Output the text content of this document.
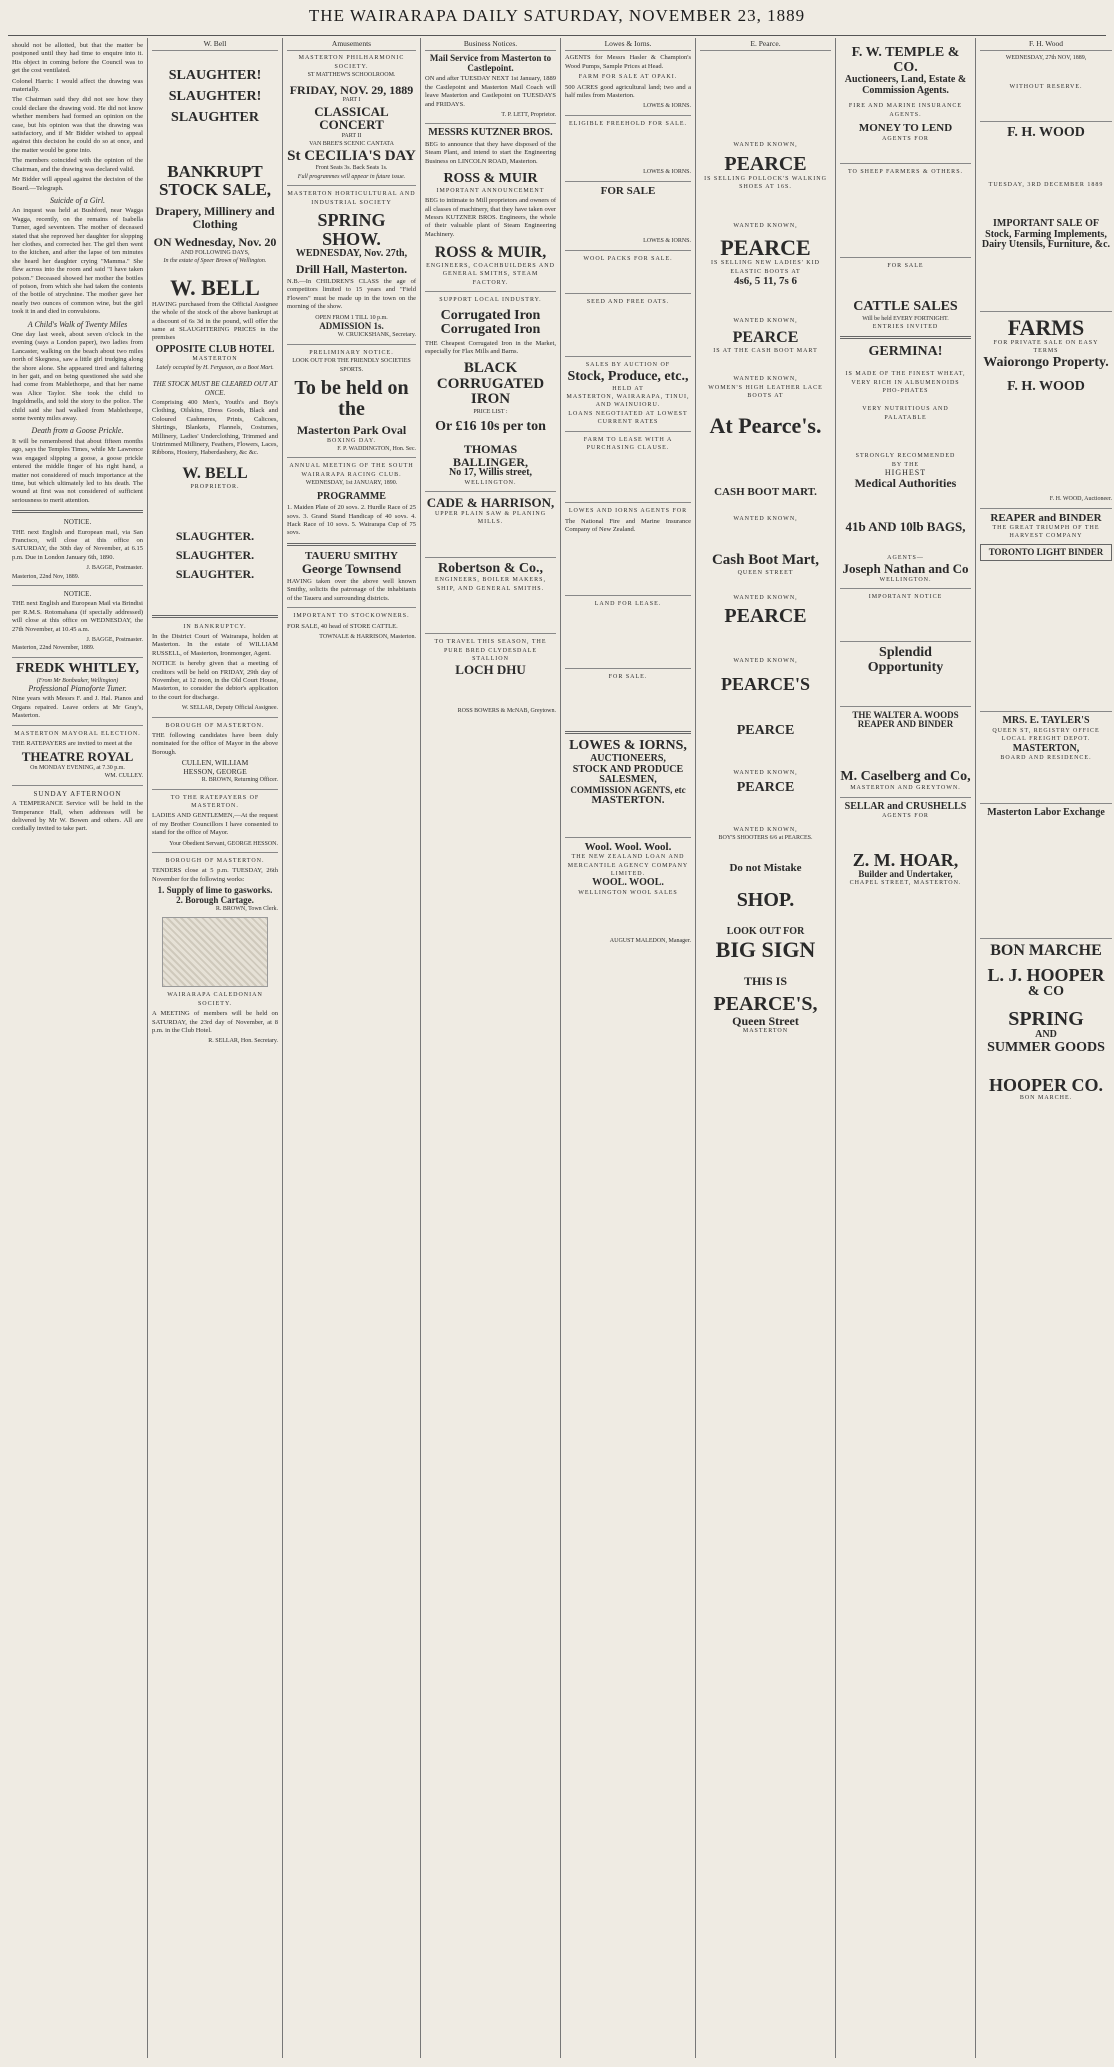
THE WAIRARAPA DAILY SATURDAY, NOVEMBER 23, 1889

should not be allotted, but that the matter be postponed until they had time to enquire into it. His object in coming before the Council was to get the cost ventilated.

Colonel Harris: I would affect the drawing was materially.

The Chairman said they did not see how they could declare the drawing void. He did not know whether members had formed an opinion on the case, but his opinion was that the drawing was satisfactory, and if Mr Bidder wished to appeal against this decision he could do so at once, and the matter would be gone into.

The members coincided with the opinion of the Chairman, and the drawing was declared valid.

Mr Bidder will appeal against the decision of the Board.—Telegraph.

Suicide of a Girl.

An inquest was held at Bushford, near Wagga Wagga, recently, on the remains of Isabella Turner, aged seventeen. The mother of deceased stated that she reproved her daughter for slopping her clothes, and corrected her. The girl then went to the kitchen, and after the lapse of ten minutes she heard her daughter crying "Mamma." She flew across into the room and said "I have taken poison." Deceased showed her mother the bottles of poison, from which she had taken the contents of the bottle of strychnine. The mother gave her nearly two ounces of common wine, but the girl took it in and died in convulsions.

A Child's Walk of Twenty Miles

One day last week, about seven o'clock in the evening (says a London paper), two ladies from Lancaster, walking on the beach about two miles north of Skegness, saw a little girl trudging along the shore alone. She appeared tired and faltering in her gait, and on being questioned she said she had come from Mablethorpe, and that her name was Alice Taylor. She took the child to Ingoldmells, and told the story to the police. The child said she had walked from Mablethorpe, some twenty miles away.

Death from a Goose Prickle.

It will be remembered that about fifteen months ago, says the Temples Times, while Mr Lawrence was engaged slipping a goose, a goose prickle entered the middle finger of his right hand, a matter not considered of much importance at the time, but which ultimately led to his death. The wound at first was not considered of sufficient seriousness to merit attention.

NOTICE.

THE next English and European mail, via San Francisco, will close at this office on SATURDAY, the 30th day of November, at 6.15 p.m. Due in London January 6th, 1890.

J. BAGGE, Postmaster.

Masterton, 22nd Nov, 1889.

NOTICE.

THE next English and European Mail via Brindisi per R.M.S. Rotomahana (if specially addressed) will close at this office on WEDNESDAY, the 27th November, at 10.45 a.m.

J. BAGGE, Postmaster.

Masterton, 22nd November, 1889.

FREDK WHITLEY,

(From Mr Bonbeaker, Wellington)

Professional Pianoforte Tuner.

Nine years with Messrs F. and J. Hal. Pianos and Organs repaired. Leave orders at Mr Gray's, Masterton.

MASTERTON MAYORAL ELECTION.

THE RATEPAYERS are invited to meet at the

THEATRE ROYAL

On MONDAY EVENING, at 7.30 p.m.

WM. CULLEY.

SUNDAY AFTERNOON

A TEMPERANCE Service will be held in the Temperance Hall, when addresses will be delivered by Mr W. Bowen and others. All are cordially invited to take part.

W. Bell

SLAUGHTER!

SLAUGHTER!

SLAUGHTER

BANKRUPT STOCK SALE,

Drapery, Millinery and Clothing

ON Wednesday, Nov. 20

AND FOLLOWING DAYS,

In the estate of Speer Brown of Wellington.

W. BELL

HAVING purchased from the Official Assignee the whole of the stock of the above bankrupt at a discount of 6s 3d in the pound, will offer the same at SLAUGHTERING PRICES in the premises

OPPOSITE CLUB HOTEL

MASTERTON

Lately occupied by H. Ferguson, as a Boot Mart.

THE STOCK MUST BE CLEARED OUT AT ONCE.

Comprising 400 Men's, Youth's and Boy's Clothing, Oilskins, Dress Goods, Black and Coloured Cashmeres, Prints, Calicoes, Shirtings, Blankets, Flannels, Costumes, Millinery, Ladies' Underclothing, Trimmed and Untrimmed Millinery, Feathers, Flowers, Laces, Ribbons, Hosiery, Haberdashery, &c &c.

W. BELL

PROPRIETOR.

SLAUGHTER. SLAUGHTER. SLAUGHTER.

IN BANKRUPTCY.

In the District Court of Wairarapa, holden at Masterton. In the estate of WILLIAM RUSSELL, of Masterton, Ironmonger, Agent.

NOTICE is hereby given that a meeting of creditors will be held on FRIDAY, 29th day of November, at 12 noon, in the Old Court House, Masterton, to consider the debtor's application to the court for discharge.

W. SELLAR, Deputy Official Assignee.

BOROUGH OF MASTERTON.

THE following candidates have been duly nominated for the office of Mayor in the above Borough.

CULLEN, WILLIAM

HESSON, GEORGE

R. BROWN, Returning Officer.

TO THE RATEPAYERS OF MASTERTON.

LADIES AND GENTLEMEN,—At the request of my Brother Councillors I have consented to stand for the office of Mayor.

Your Obedient Servant, GEORGE HESSON.

BOROUGH OF MASTERTON.

TENDERS close at 5 p.m. TUESDAY, 26th November for the following works:

1. Supply of lime to gasworks.

2. Borough Cartage.

R. BROWN, Town Clerk.

WAIRARAPA CALEDONIAN SOCIETY.

A MEETING of members will be held on SATURDAY, the 23rd day of November, at 8 p.m. in the Club Hotel.

R. SELLAR, Hon. Secretary.

Amusements

MASTERTON PHILHARMONIC SOCIETY.

ST MATTHEW'S SCHOOLROOM.

FRIDAY, NOV. 29, 1889

PART I

CLASSICAL CONCERT

PART II

VAN BREE'S SCENIC CANTATA

St CECILIA'S DAY

Front Seats 3s. Back Seats 1s.

Full programmes will appear in future issue.

MASTERTON HORTICULTURAL AND INDUSTRIAL SOCIETY

SPRING SHOW.

WEDNESDAY, Nov. 27th,

Drill Hall, Masterton.

N.B.—In CHILDREN'S CLASS the age of competitors limited to 15 years and "Field Flowers" must be made up in the town on the morning of the show.

OPEN FROM 1 TILL 10 p.m.

ADMISSION 1s.

W. CRUICKSHANK, Secretary.

PRELIMINARY NOTICE.

LOOK OUT FOR THE FRIENDLY SOCIETIES SPORTS.

To be held on the

Masterton Park Oval

BOXING DAY.

F. P. WADDINGTON, Hon. Sec.

ANNUAL MEETING OF THE SOUTH WAIRARAPA RACING CLUB.

WEDNESDAY, 1st JANUARY, 1890.

PROGRAMME

1. Maiden Plate of 20 sovs. 2. Hurdle Race of 25 sovs. 3. Grand Stand Handicap of 40 sovs. 4. Hack Race of 10 sovs. 5. Wairarapa Cup of 75 sovs.

TAUERU SMITHY

George Townsend

HAVING taken over the above well known Smithy, solicits the patronage of the inhabitants of the Taueru and surrounding districts.

IMPORTANT TO STOCKOWNERS.

FOR SALE, 40 head of STORE CATTLE.

TOWNALE & HARRISON, Masterton.

Business Notices.

Mail Service from Masterton to Castlepoint.

ON and after TUESDAY NEXT 1st January, 1889 the Castlepoint and Masterton Mail Coach will leave Masterton and Castlepoint on TUESDAYS and FRIDAYS.

T. P. LETT, Proprietor.

MESSRS KUTZNER BROS.

BEG to announce that they have disposed of the Steam Plant, and intend to start the Engineering Business on LINCOLN ROAD, Masterton.

ROSS & MUIR

IMPORTANT ANNOUNCEMENT

BEG to intimate to Mill proprietors and owners of all classes of machinery, that they have taken over Messrs KUTZNER BROS. Engineers, the whole of their valuable plant of Steam Engineering Machinery.

ROSS & MUIR,

ENGINEERS, COACHBUILDERS AND GENERAL SMITHS, STEAM FACTORY.

SUPPORT LOCAL INDUSTRY.

Corrugated Iron

Corrugated Iron

THE Cheapest Corrugated Iron in the Market, especially for Flax Mills and Barns.

BLACK CORRUGATED IRON

PRICE LIST :

Or £16 10s per ton

THOMAS BALLINGER,

No 17, Willis street,

WELLINGTON.

CADE & HARRISON,

UPPER PLAIN SAW & PLANING MILLS.

Robertson & Co.,

ENGINEERS, BOILER MAKERS, SHIP, AND GENERAL SMITHS.

TO TRAVEL THIS SEASON, THE PURE BRED CLYDESDALE STALLION

LOCH DHU

ROSS BOWERS & McNAB, Greytown.

Lowes & Iorns.

AGENTS for Messrs Hasler & Champion's Wood Pumps, Sample Prices at Head.

FARM FOR SALE AT OPAKI.

500 ACRES good agricultural land; two and a half miles from Masterton.

LOWES & IORNS.

ELIGIBLE FREEHOLD FOR SALE.

LOWES & IORNS.

FOR SALE

LOWES & IORNS.

WOOL PACKS FOR SALE.

SEED AND FREE OATS.

SALES BY AUCTION OF

Stock, Produce, etc.,

HELD AT

MASTERTON, WAIRARAPA, TINUI, AND WAINUIORU.

LOANS NEGOTIATED AT LOWEST CURRENT RATES

FARM TO LEASE WITH A PURCHASING CLAUSE.

LOWES AND IORNS AGENTS FOR

The National Fire and Marine Insurance Company of New Zealand.

LAND FOR LEASE.

FOR SALE.

LOWES & IORNS,

AUCTIONEERS,

STOCK AND PRODUCE

SALESMEN,

COMMISSION AGENTS, etc

MASTERTON.

Wool. Wool. Wool.

THE NEW ZEALAND LOAN AND MERCANTILE AGENCY COMPANY LIMITED.

WOOL. WOOL.

WELLINGTON WOOL SALES

AUGUST MALEDON, Manager.

E. Pearce.

WANTED KNOWN,

PEARCE

IS SELLING POLLOCK'S WALKING SHOES AT 16S.

WANTED KNOWN,

PEARCE

IS SELLING NEW LADIES' KID ELASTIC BOOTS AT

4s6, 5 11, 7s 6

WANTED KNOWN,

PEARCE

IS AT THE CASH BOOT MART

WANTED KNOWN,

WOMEN'S HIGH LEATHER LACE BOOTS AT

At Pearce's.

CASH BOOT MART.

WANTED KNOWN,

Cash Boot Mart,

QUEEN STREET

WANTED KNOWN,

PEARCE

WANTED KNOWN,

PEARCE'S

PEARCE

WANTED KNOWN,

PEARCE

WANTED KNOWN,

BOY'S SHOOTERS 6/6 at PEARCES.

Do not Mistake

SHOP.

LOOK OUT FOR

BIG SIGN

THIS IS

PEARCE'S,

Queen Street

MASTERTON

F. W. TEMPLE & CO.

Auctioneers, Land, Estate & Commission Agents.

FIRE AND MARINE INSURANCE AGENTS.

MONEY TO LEND

AGENTS FOR

TO SHEEP FARMERS & OTHERS.

FOR SALE

CATTLE SALES

Will be held EVERY FORTNIGHT.

ENTRIES INVITED

GERMINA!

IS MADE OF THE FINEST WHEAT,

VERY RICH IN ALBUMENOIDS

PHO-PHATES

VERY NUTRITIOUS AND PALATABLE

STRONGLY RECOMMENDED

BY THE

HIGHEST

Medical Authorities

41b AND 10lb BAGS,

AGENTS—

Joseph Nathan and Co

WELLINGTON.

IMPORTANT NOTICE

Splendid Opportunity

THE WALTER A. WOODS REAPER AND BINDER

M. Caselberg and Co,

MASTERTON AND GREYTOWN.

SELLAR and CRUSHELLS

AGENTS FOR

Z. M. HOAR,

Builder and Undertaker,

CHAPEL STREET, MASTERTON.

F. H. Wood

WEDNESDAY, 27th NOV, 1889,

WITHOUT RESERVE.

F. H. WOOD

TUESDAY, 3RD DECEMBER 1889

IMPORTANT SALE OF Stock, Farming Implements, Dairy Utensils, Furniture, &c.

FARMS

FOR PRIVATE SALE ON EASY TERMS

Waiorongo Property.

F. H. WOOD

F. H. WOOD, Auctioneer.

REAPER and BINDER

THE GREAT TRIUMPH OF THE HARVEST COMPANY

TORONTO LIGHT BINDER

MRS. E. TAYLER'S

QUEEN ST, REGISTRY OFFICE

LOCAL FREIGHT DEPOT.

MASTERTON,

BOARD AND RESIDENCE.

Masterton Labor Exchange

BON MARCHE

L. J. HOOPER

& CO

SPRING

AND

SUMMER GOODS

HOOPER CO.

BON MARCHE.
